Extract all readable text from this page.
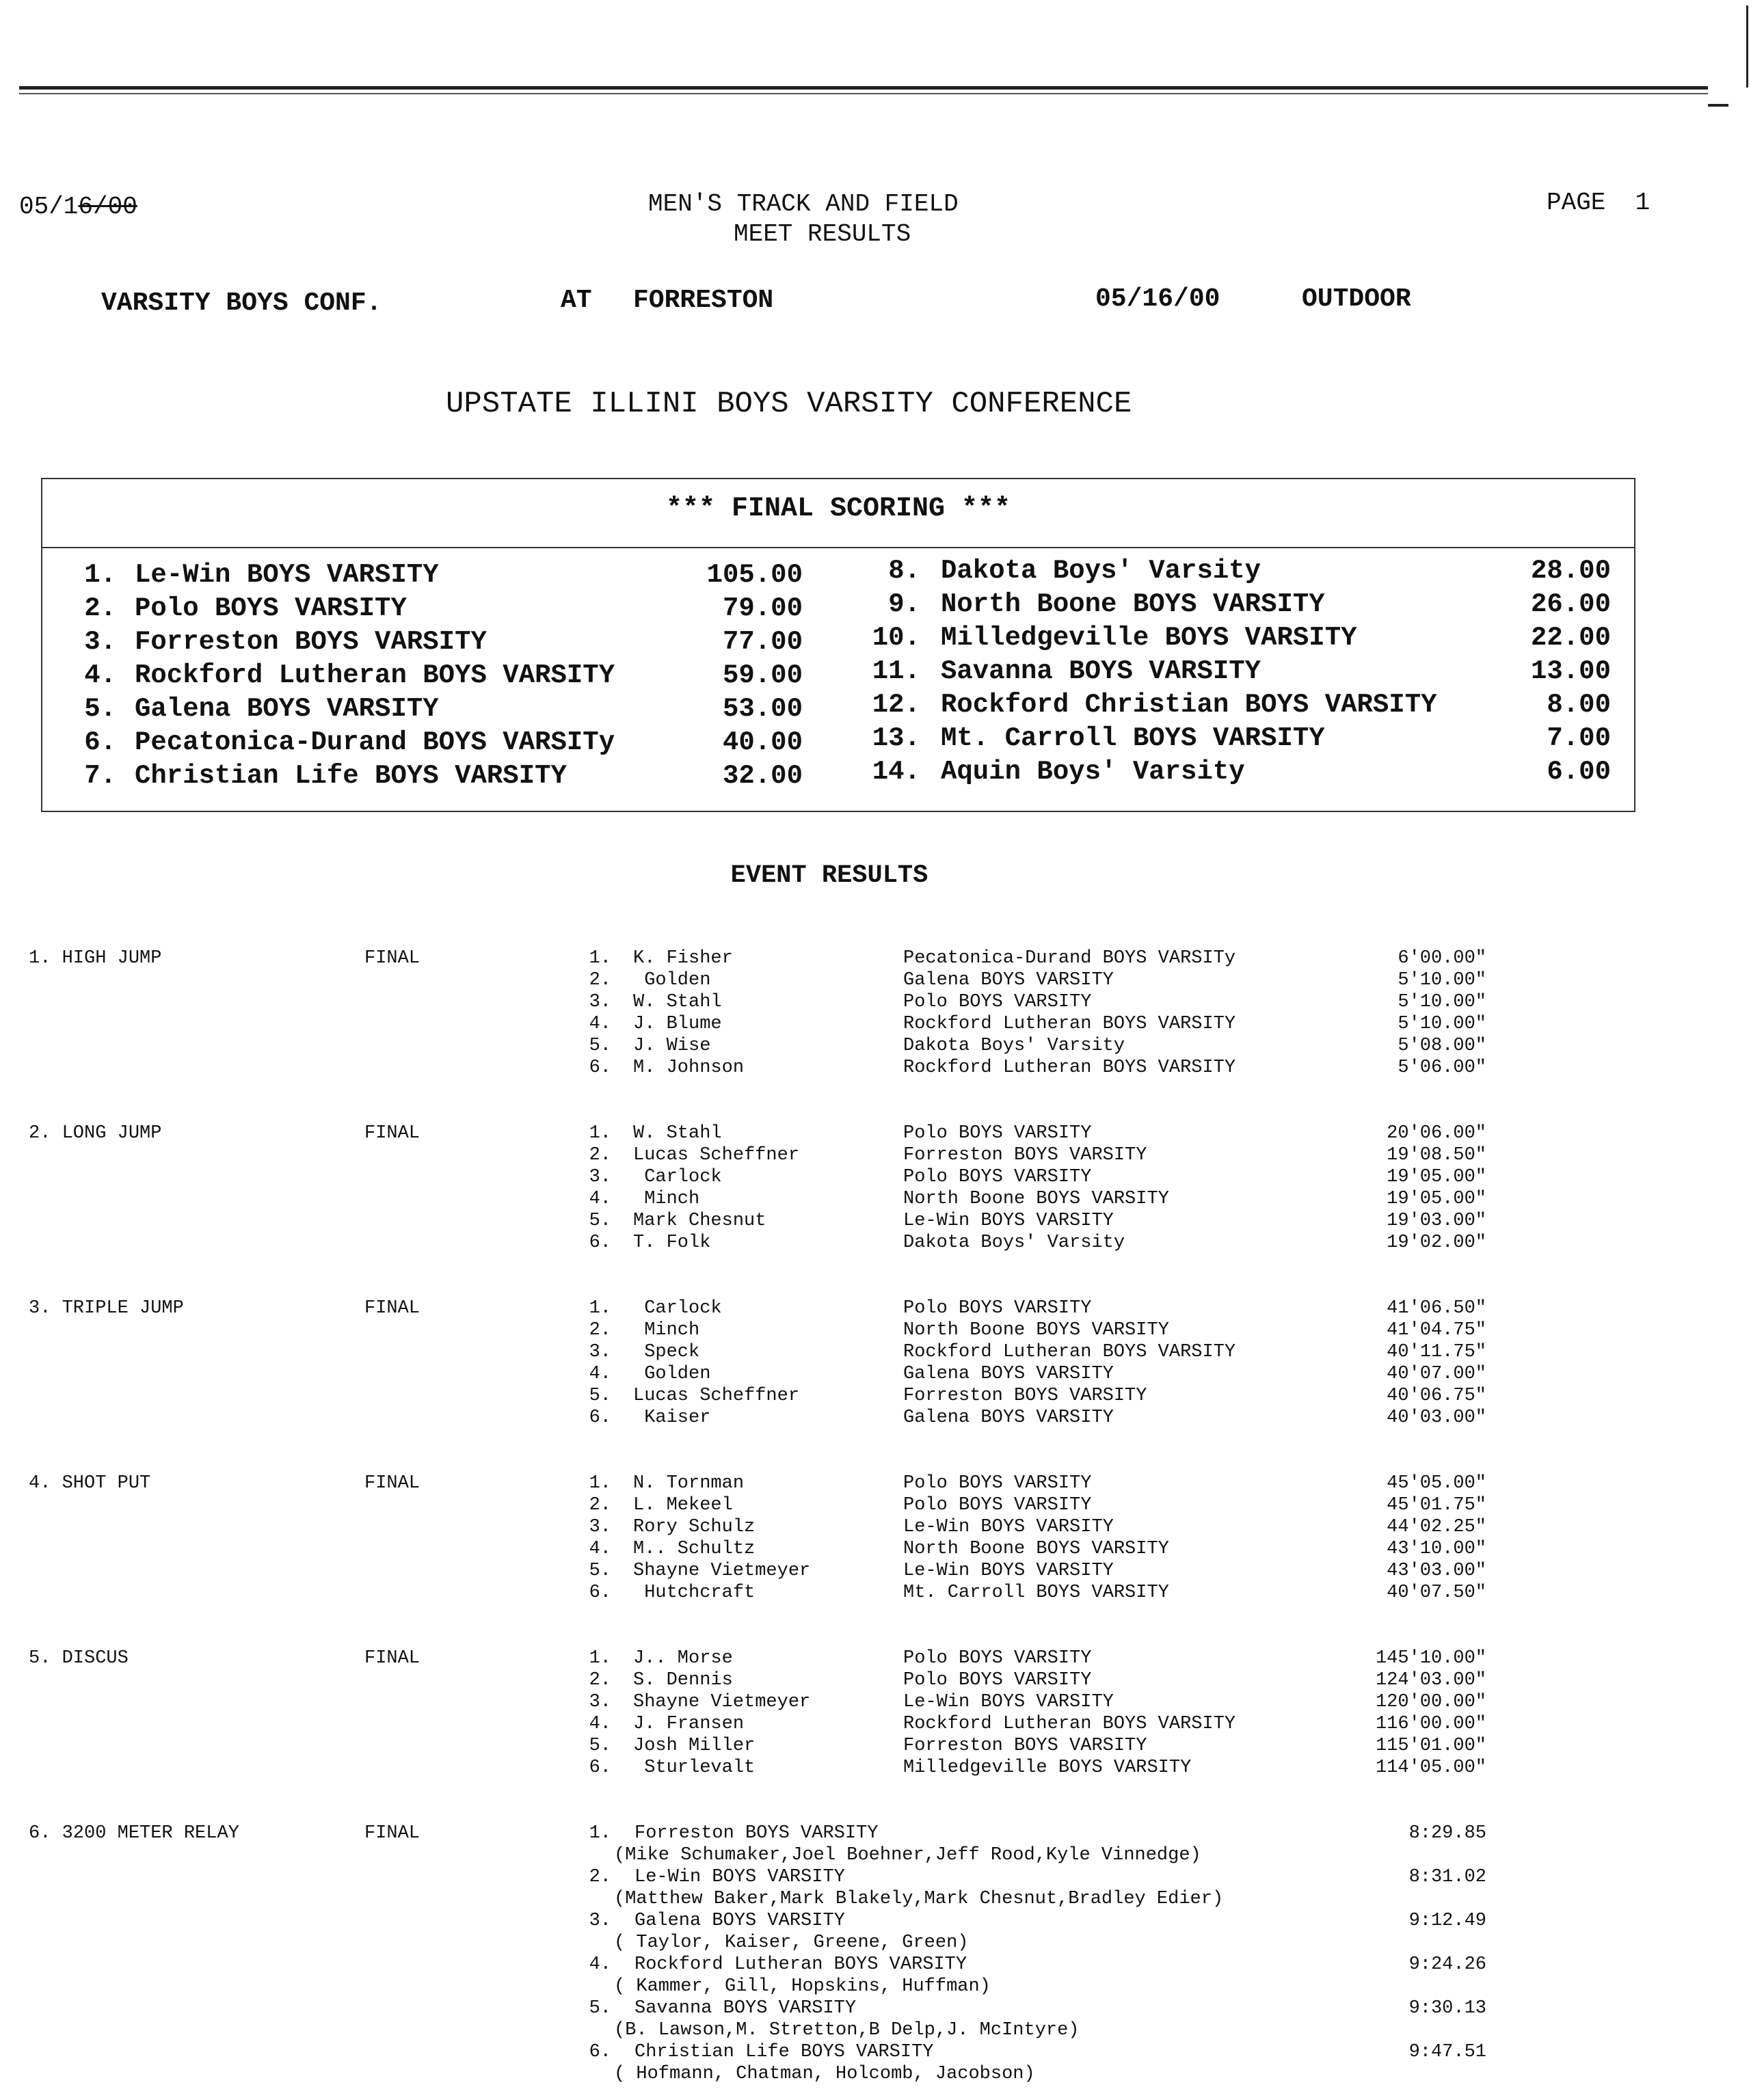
05/16/00	MEN'S TRACK AND FIELD
MEET RESULTS
PAGE  1
VARSITY BOYS CONF.	AT FORRESTON	05/16/00	OUTDOOR
UPSTATE ILLINI BOYS VARSITY CONFERENCE
*** FINAL SCORING ***
1. Le-Win BOYS VARSITY	105.00
2. Polo BOYS VARSITY	79.00
3. Forreston BOYS VARSITY	77.00
4. Rockford Lutheran BOYS VARSITY	59.00
5. Galena BOYS VARSITY	53.00
6. Pecatonica-Durand BOYS VARSITy	40.00
7. Christian Life BOYS VARSITY	32.00
8. Dakota Boys' Varsity	28.00
9. North Boone BOYS VARSITY	26.00
10. Milledgeville BOYS VARSITY	22.00
11. Savanna BOYS VARSITY	13.00
12. Rockford Christian BOYS VARSITY	8.00
13. Mt. Carroll BOYS VARSITY	7.00
14. Aquin Boys' Varsity	6.00
EVENT RESULTS
1. HIGH JUMP	FINAL	1. K. Fisher	Pecatonica-Durand BOYS VARSITy	6'00.00"
2. Golden	Galena BOYS VARSITY	5'10.00"
3. W. Stahl	Polo BOYS VARSITY	5'10.00"
4. J. Blume	Rockford Lutheran BOYS VARSITY	5'10.00"
5. J. Wise	Dakota Boys' Varsity	5'08.00"
6. M. Johnson	Rockford Lutheran BOYS VARSITY	5'06.00"
2. LONG JUMP	FINAL	1. W. Stahl	Polo BOYS VARSITY	20'06.00"
2. Lucas Scheffner	Forreston BOYS VARSITY	19'08.50"
3. Carlock	Polo BOYS VARSITY	19'05.00"
4. Minch	North Boone BOYS VARSITY	19'05.00"
5. Mark Chesnut	Le-Win BOYS VARSITY	19'03.00"
6. T. Folk	Dakota Boys' Varsity	19'02.00"
3. TRIPLE JUMP	FINAL	1. Carlock	Polo BOYS VARSITY	41'06.50"
2. Minch	North Boone BOYS VARSITY	41'04.75"
3. Speck	Rockford Lutheran BOYS VARSITY	40'11.75"
4. Golden	Galena BOYS VARSITY	40'07.00"
5. Lucas Scheffner	Forreston BOYS VARSITY	40'06.75"
6. Kaiser	Galena BOYS VARSITY	40'03.00"
4. SHOT PUT	FINAL	1. N. Tornman	Polo BOYS VARSITY	45'05.00"
2. L. Mekeel	Polo BOYS VARSITY	45'01.75"
3. Rory Schulz	Le-Win BOYS VARSITY	44'02.25"
4. M.. Schultz	North Boone BOYS VARSITY	43'10.00"
5. Shayne Vietmeyer	Le-Win BOYS VARSITY	43'03.00"
6. Hutchcraft	Mt. Carroll BOYS VARSITY	40'07.50"
5. DISCUS	FINAL	1. J.. Morse	Polo BOYS VARSITY	145'10.00"
2. S. Dennis	Polo BOYS VARSITY	124'03.00"
3. Shayne Vietmeyer	Le-Win BOYS VARSITY	120'00.00"
4. J. Fransen	Rockford Lutheran BOYS VARSITY	116'00.00"
5. Josh Miller	Forreston BOYS VARSITY	115'01.00"
6. Sturlevalt	Milledgeville BOYS VARSITY	114'05.00"
6. 3200 METER RELAY	FINAL	1. Forreston BOYS VARSITY	8:29.85
(Mike Schumaker,Joel Boehner,Jeff Rood,Kyle Vinnedge)
2. Le-Win BOYS VARSITY	8:31.02
(Matthew Baker,Mark Blakely,Mark Chesnut,Bradley Edier)
3. Galena BOYS VARSITY	9:12.49
( Taylor, Kaiser, Greene, Green)
4. Rockford Lutheran BOYS VARSITY	9:24.26
( Kammer, Gill, Hopskins, Huffman)
5. Savanna BOYS VARSITY	9:30.13
(B. Lawson,M. Stretton,B Delp,J. McIntyre)
6. Christian Life BOYS VARSITY	9:47.51
( Hofmann, Chatman, Holcomb, Jacobson)
